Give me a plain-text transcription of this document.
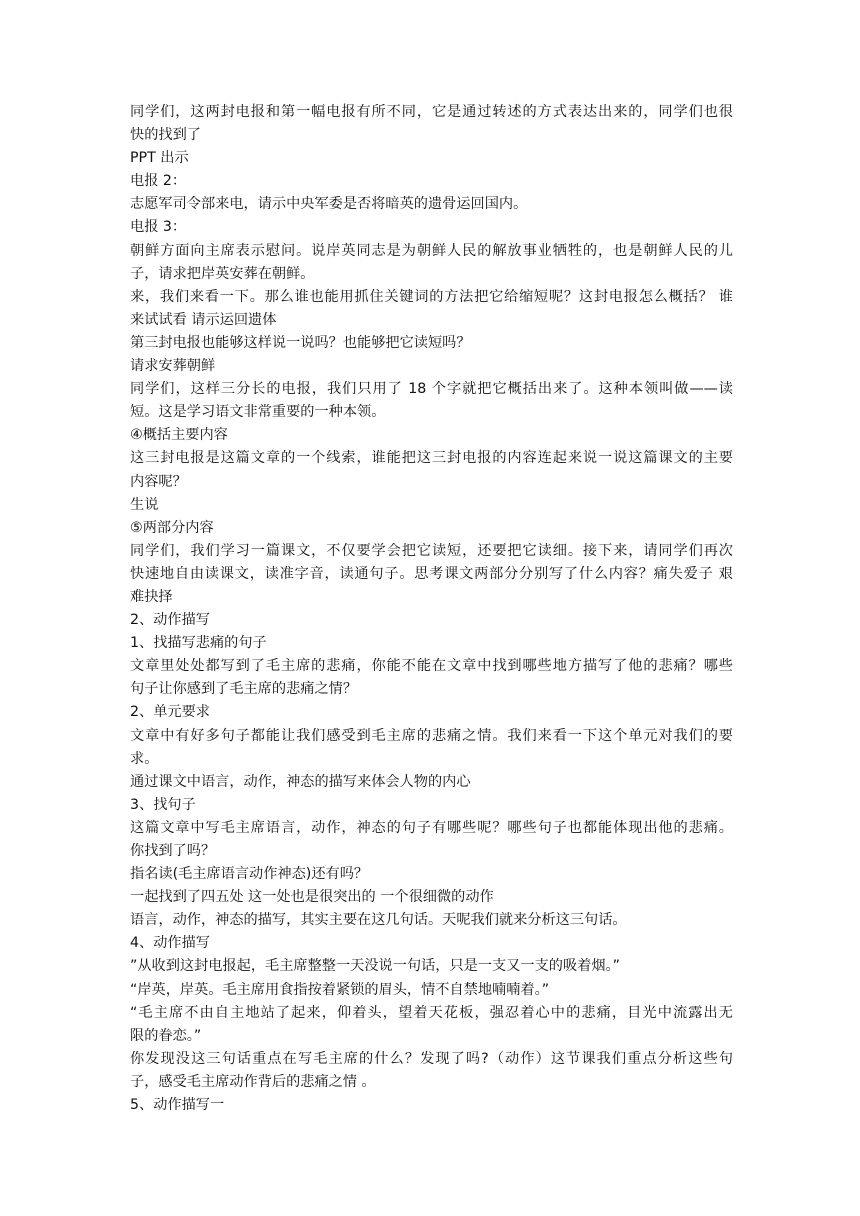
同学们，这两封电报和第一幅电报有所不同，它是通过转述的方式表达出来的，同学们也很
快的找到了
PPT 出示
电报 2：
志愿军司令部来电，请示中央军委是否将暗英的遗骨运回国内。
电报 3：
朝鲜方面向主席表示慰问。说岸英同志是为朝鲜人民的解放事业牺牲的，也是朝鲜人民的儿
子，请求把岸英安葬在朝鲜。
来，我们来看一下。那么谁也能用抓住关键词的方法把它给缩短呢？这封电报怎么概括？ 谁
来试试看 请示运回遗体
第三封电报也能够这样说一说吗？也能够把它读短吗？
请求安葬朝鲜
同学们，这样三分长的电报，我们只用了 18 个字就把它概括出来了。这种本领叫做——读
短。这是学习语文非常重要的一种本领。
④概括主要内容
这三封电报是这篇文章的一个线索，谁能把这三封电报的内容连起来说一说这篇课文的主要
内容呢？
生说
⑤两部分内容
同学们，我们学习一篇课文，不仅要学会把它读短，还要把它读细。接下来，请同学们再次
快速地自由读课文，读准字音，读通句子。思考课文两部分分别写了什么内容？痛失爱子 艰
难抉择
2、动作描写
1、找描写悲痛的句子
文章里处处都写到了毛主席的悲痛，你能不能在文章中找到哪些地方描写了他的悲痛？哪些
句子让你感到了毛主席的悲痛之情？
2、单元要求
文章中有好多句子都能让我们感受到毛主席的悲痛之情。我们来看一下这个单元对我们的要
求。
通过课文中语言，动作，神态的描写来体会人物的内心
3、找句子
这篇文章中写毛主席语言，动作，神态的句子有哪些呢？哪些句子也都能体现出他的悲痛。
你找到了吗？
指名读(毛主席语言动作神态)还有吗？
一起找到了四五处 这一处也是很突出的 一个很细微的动作
语言，动作，神态的描写，其实主要在这几句话。天呢我们就来分析这三句话。
4、动作描写
”从收到这封电报起，毛主席整整一天没说一句话，只是一支又一支的吸着烟。”
“岸英，岸英。毛主席用食指按着紧锁的眉头，情不自禁地喃喃着。”
“毛主席不由自主地站了起来，仰着头，望着天花板，强忍着心中的悲痛，目光中流露出无
限的眷恋。”
你发现没这三句话重点在写毛主席的什么？发现了吗?（动作）这节课我们重点分析这些句
子，感受毛主席动作背后的悲痛之情 。
5、动作描写一
